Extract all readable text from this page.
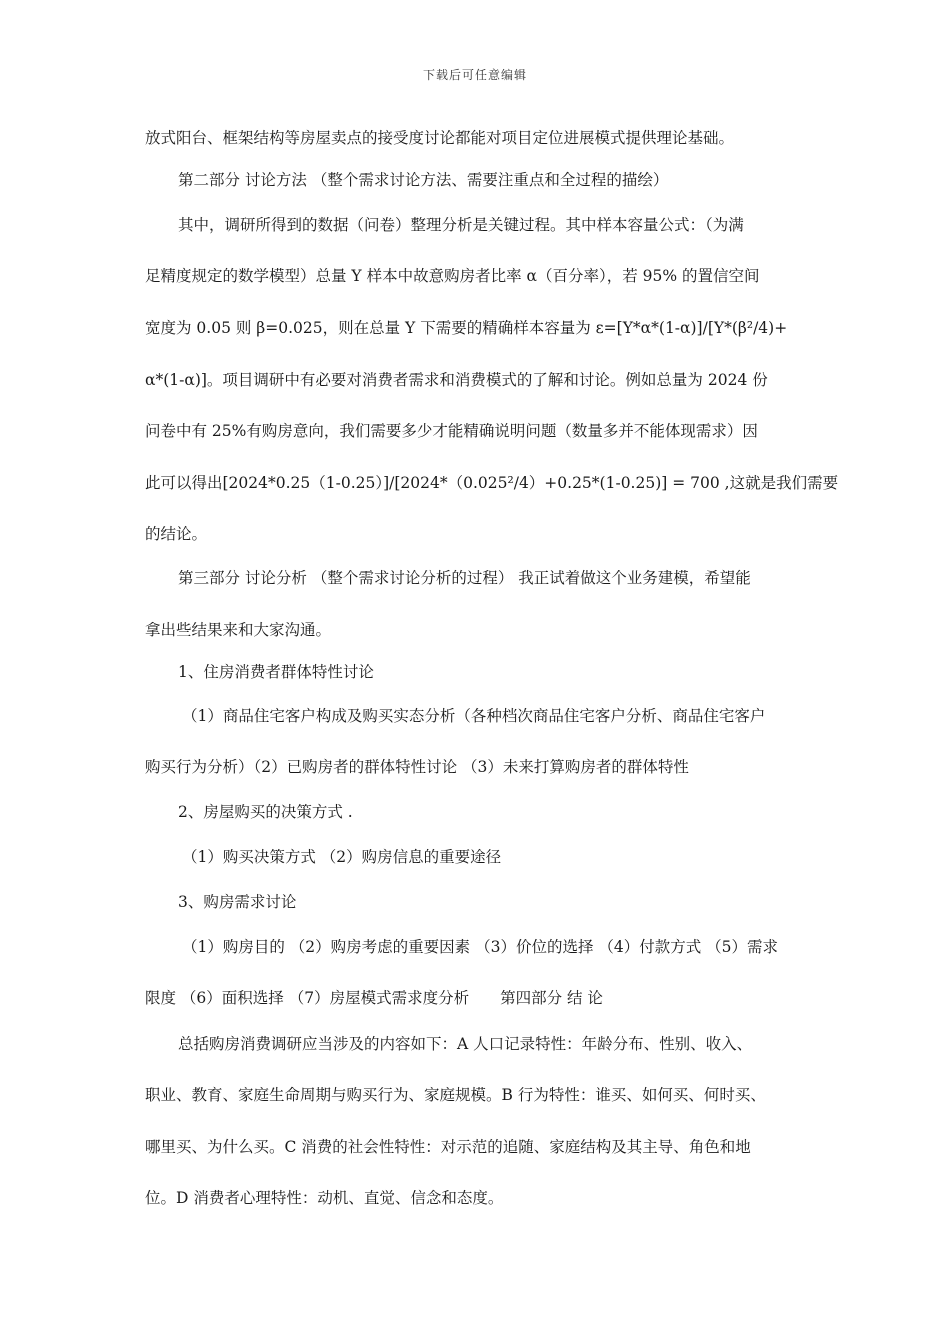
下载后可任意编辑
放式阳台、框架结构等房屋卖点的接受度讨论都能对项目定位进展模式提供理论基础。
第二部分 讨论方法 （整个需求讨论方法、需要注重点和全过程的描绘）
其中，调研所得到的数据（问卷）整理分析是关键过程。其中样本容量公式：（为满
足精度规定的数学模型）总量 Y 样本中故意购房者比率 α（百分率），若 95% 的置信空间
宽度为 0.05 则 β=0.025，则在总量 Y 下需要的精确样本容量为 ε=[Y*α*(1-α)]/[Y*(β²/4)+
α*(1-α)]。项目调研中有必要对消费者需求和消费模式的了解和讨论。例如总量为 2024 份
问卷中有 25%有购房意向，我们需要多少才能精确说明问题（数量多并不能体现需求）因
此可以得出[2024*0.25（1-0.25）]/[2024*（0.025²/4）+0.25*(1-0.25)] = 700 ,这就是我们需要
的结论。
第三部分 讨论分析 （整个需求讨论分析的过程） 我正试着做这个业务建模，希望能
拿出些结果来和大家沟通。
1、住房消费者群体特性讨论
（1）商品住宅客户构成及购买实态分析（各种档次商品住宅客户分析、商品住宅客户
购买行为分析）（2）已购房者的群体特性讨论 （3）未来打算购房者的群体特性
2、房屋购买的决策方式 .
（1）购买决策方式 （2）购房信息的重要途径
3、购房需求讨论
（1）购房目的 （2）购房考虑的重要因素 （3）价位的选择 （4）付款方式 （5）需求
限度 （6）面积选择 （7）房屋模式需求度分析　　第四部分 结 论
总括购房消费调研应当涉及的内容如下：A 人口记录特性：年龄分布、性别、收入、
职业、教育、家庭生命周期与购买行为、家庭规模。B 行为特性：谁买、如何买、何时买、
哪里买、为什么买。C 消费的社会性特性：对示范的追随、家庭结构及其主导、角色和地
位。D 消费者心理特性：动机、直觉、信念和态度。
